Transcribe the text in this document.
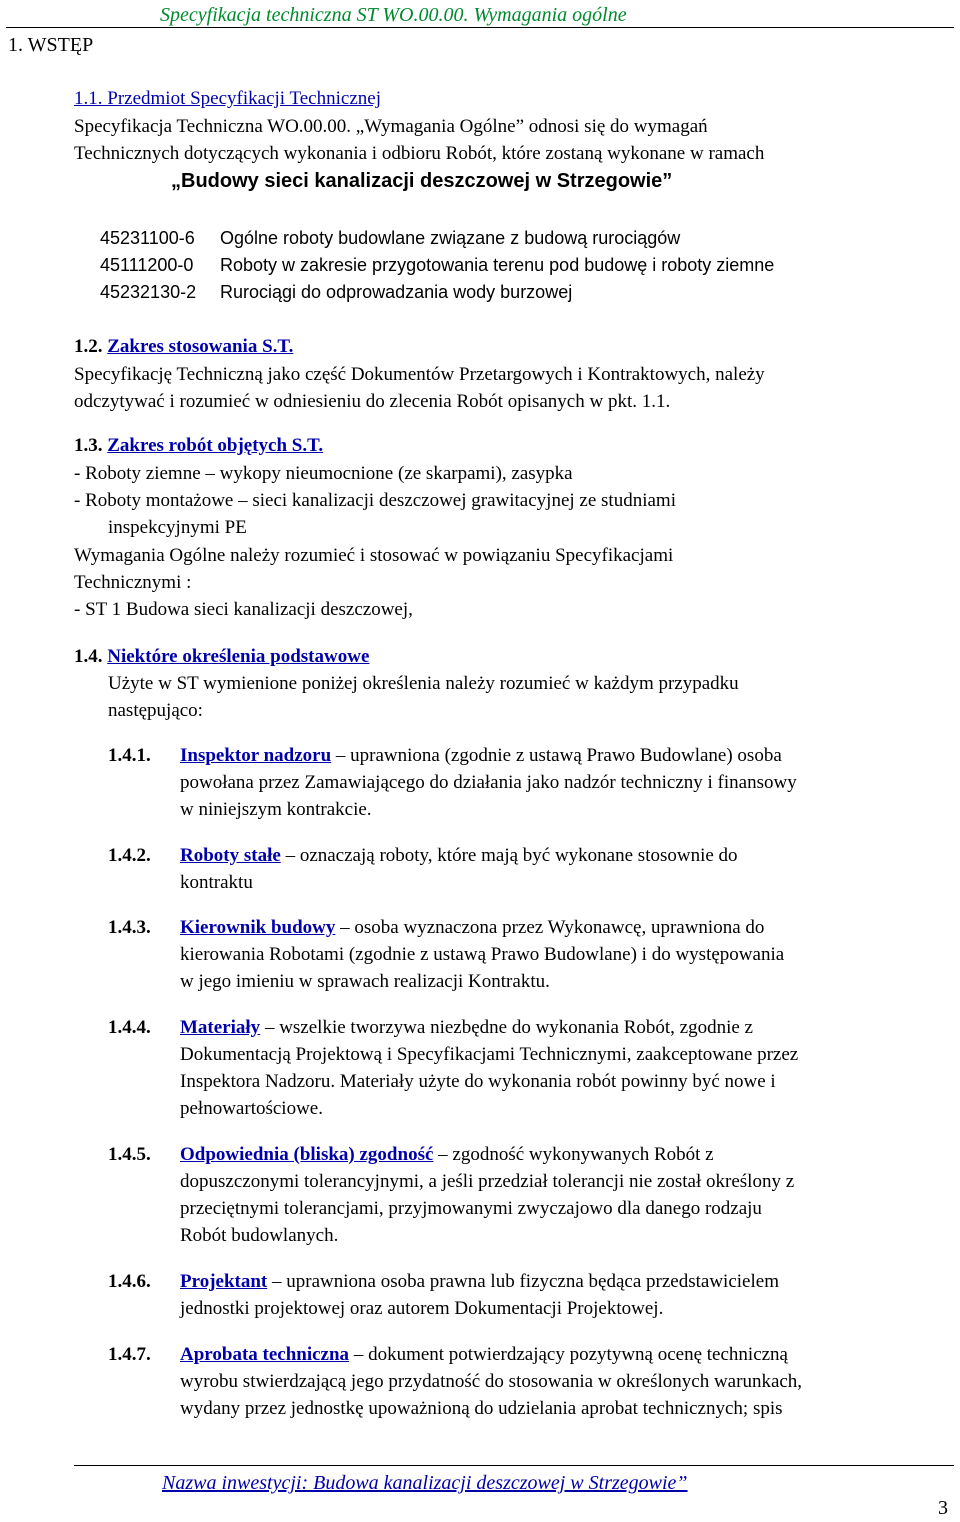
Specyfikacja techniczna ST WO.00.00. Wymagania ogólne
1. WSTĘP
1.1. Przedmiot Specyfikacji Technicznej
Specyfikacja Techniczna WO.00.00. „Wymagania Ogólne” odnosi się do wymagań
Technicznych dotyczących wykonania i odbioru Robót, które zostaną wykonane w ramach
„Budowy sieci kanalizacji deszczowej w Strzegowie”
45231100-6 Ogólne roboty budowlane związane z budową rurociągów
45111200-0 Roboty w zakresie przygotowania terenu pod budowę i roboty ziemne
45232130-2 Rurociągi do odprowadzania wody burzowej
1.2. Zakres stosowania S.T.
Specyfikację Techniczną jako część Dokumentów Przetargowych i Kontraktowych, należy
odczytywać i rozumieć w odniesieniu do zlecenia Robót opisanych w pkt. 1.1.
1.3. Zakres robót objętych S.T.
- Roboty ziemne – wykopy nieumocnione (ze skarpami), zasypka
- Roboty montażowe – sieci kanalizacji deszczowej grawitacyjnej ze studniami
inspekcyjnymi PE
Wymagania Ogólne należy rozumieć i stosować w powiązaniu Specyfikacjami
Technicznymi :
- ST 1 Budowa sieci kanalizacji deszczowej,
1.4. Niektóre określenia podstawowe
Użyte w ST wymienione poniżej określenia należy rozumieć w każdym przypadku
następująco:
1.4.1. Inspektor nadzoru – uprawniona (zgodnie z ustawą Prawo Budowlane) osoba
powołana przez Zamawiającego do działania jako nadzór techniczny i finansowy
w niniejszym kontrakcie.
1.4.2. Roboty stałe – oznaczają roboty, które mają być wykonane stosownie do
kontraktu
1.4.3. Kierownik budowy – osoba wyznaczona przez Wykonawcę, uprawniona do
kierowania Robotami (zgodnie z ustawą Prawo Budowlane) i do występowania
w jego imieniu w sprawach realizacji Kontraktu.
1.4.4. Materiały – wszelkie tworzywa niezbędne do wykonania Robót, zgodnie z
Dokumentacją Projektową i Specyfikacjami Technicznymi, zaakceptowane przez
Inspektora Nadzoru. Materiały użyte do wykonania robót powinny być nowe i
pełnowartościowe.
1.4.5. Odpowiednia (bliska) zgodność – zgodność wykonywanych Robót z
dopuszczonymi tolerancyjnymi, a jeśli przedział tolerancji nie został określony z
przeciętnymi tolerancjami, przyjmowanymi zwyczajowo dla danego rodzaju
Robót budowlanych.
1.4.6. Projektant – uprawniona osoba prawna lub fizyczna będąca przedstawicielem
jednostki projektowej oraz autorem Dokumentacji Projektowej.
1.4.7. Aprobata techniczna – dokument potwierdzający pozytywną ocenę techniczną
wyrobu stwierdzającą jego przydatność do stosowania w określonych warunkach,
wydany przez jednostkę upoważnioną do udzielania aprobat technicznych; spis
Nazwa inwestycji: Budowa kanalizacji deszczowej w Strzegowie”
3
